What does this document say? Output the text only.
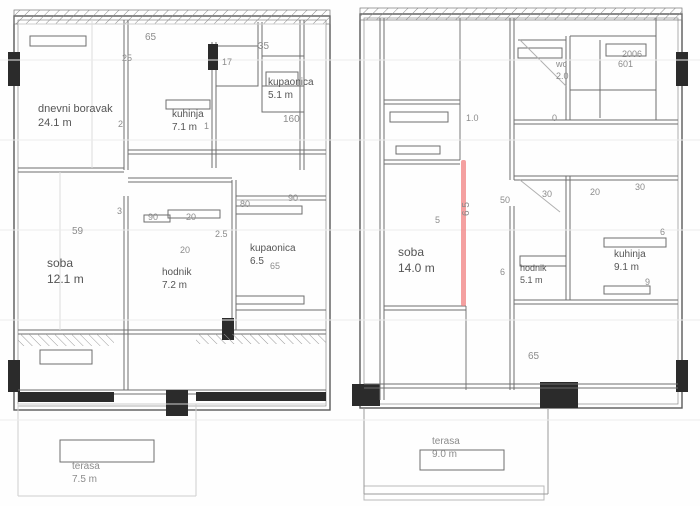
dnevni boravak
24.1 m
kuhinja
7.1 m
kupaonica
5.1 m
soba
12.1 m	hodnik
7.2 m
kupaonica
6.5
soba
14.0 m
kuhinja
9.1 m
hodnik
5.1 m
wc
2.0
terasa
7.5 m
terasa
9.0 m
65
35
25	17
2	1
160	1.0	0
59
3
90	20
80
90
20
2.5
65
5
50
30	20	30
6
6
9
65
6 5
2006
601
